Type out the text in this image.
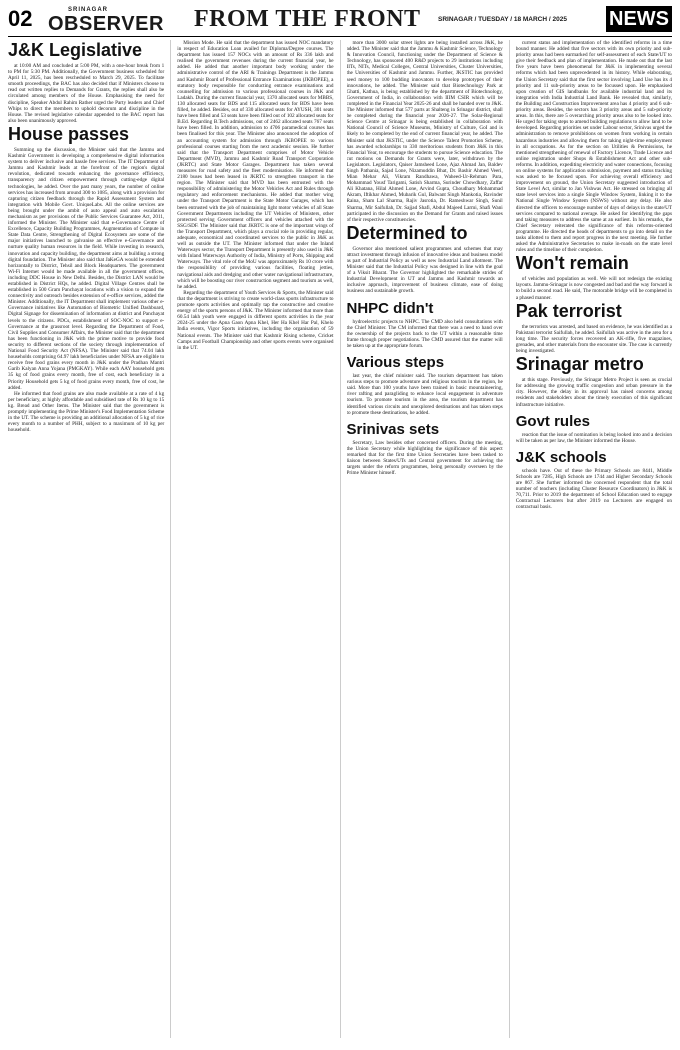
02	SRINAGAR
OBSERVER FROM THE FRONT	SRINAGAR / TUESDAY / 18 MARCH / 2025 NEWS
J&K Legislative

at 10:00 AM and concluded at 5:00 PM, with a one-hour break from 1 to PM for 5:30 PM. Additionally, the Government business scheduled for April 11, 2025, has been rescheduled to March 29, 2025. To facilitate smooth proceedings, the BAC has also decided that if Ministers choose to read out written replies to Demands for Grants, the replies shall also be circulated among members of the House. Emphasising the need for discipline, Speaker Abdul Rahim Rather urged the Party leaders and Chief Whips to direct the members to uphold decorum and discipline in the House. The revised legislative calendar appended to the BAC report has also been unanimously approved.

House passes

Summing up the discussion, the Minister said that the Jammu and Kashmir Government is developing a comprehensive digital information system to deliver inclusive and hassle free services. The IT Department of Jammu and Kashmir leads at the forefront of the region's digital revolution, dedicated towards enhancing the governance efficiency, transparency and citizen empowerment through cutting-edge digital technologies, he added. Over the past many years, the number of online services has increased from around 300 to 1085, along with a provision for capturing citizen feedback through the Rapid Assessment System and integration with Mobile Govt. UniqueLabs. All the online services are being brought under the ambit of auto appeal and auto escalation mechanism as per provisions of the Public Services Guarantee Act, 2011, informed the Minister. The Minister said that e-Governance Centre of Excellence, Capacity Building Programmes, Augmentation of Compute in State Data Centre, Strengthening of Digital Ecosystem are some of the major initiatives launched to galvanise an effective e-Governance and nurture quality human resources in the field. While investing in research, innovation and capacity building, the department aims at building a strong digital foundation. The Minister also said that JaKeGA would be extended horizontally to District, Tehsil and Block Headquarters. The government Wi-Fi Internet would be made available in all the government offices, including DDC House in New Delhi. Besides, the District LAN would be established in District HQs, he added. Digital Village Centres shall be established in 500 Gram Panchayat locations with a vision to expand the connectivity and outreach besides extension of e-office services, added the Minister. Additionally, the IT Department shall implement various other e-Governance initiatives like Automation of Biometric Unified Dashboard, Digital Signage for dissemination of information at district and Panchayat levels to the citizens. PDCs, establishment of SOC-NOC to support e-Governance at the grassroot level. Regarding the Department of Food, Civil Supplies and Consumer Affairs, the Minister said that the department has been functioning in J&K with the prime motive to provide food security to different sections of the society through implementation of National Food Security Act (NFSA). The Minister said that 74.04 lakh households comprising 64.97 lakh beneficiaries under NFSA are eligible to receive free food grains every month in J&K under the Pradhan Mantri Garib Kalyan Anna Yojana (PMGKAY). While each AAY household gets 35 kg of food grains every month, free of cost, each beneficiary in a Priority Household gets 5 kg of food grains every month, free of cost, he added.

He informed that food grains are also made available at a rate of 4 kg per beneficiary, at highly affordable and subsidised rate of Rs 10 kg to 15 kg. Bread and Other Items. The Minister said that the government is promptly implementing the Prime Minister's Food Implementation Scheme in the UT. The scheme is providing an additional allocation of 5 kg of rice every month to a number of PHH, subject to a maximum of 10 kg per household.

Mission Mode. He said that the department has issued NOC mandatory in respect of Education Loan availed for Diploma/Degree courses. The department has issued 157 NOCs with an amount of Rs 336 lakh and realised the government revenues during the current financial year, he added. He added that another important body working under the administrative control of the ARI & Trainings Department is the Jammu and Kashmir Board of Professional Entrance Examinations (JKBOPEE), a statutory body responsible for conducting entrance examinations and counselling for admission to various professional courses in J&K and Ladakh. During the current financial year, 1370 allocated seats for MBBS, 130 allocated seats for BDS and 115 allocated seats for BDS have been filled, he added. Besides, out of 330 allocated seats for AYUSH, 301 seats have been filled and 53 seats have been filled out of 102 allocated seats for B.Ed. Regarding B.Tech admissions, out of 2462 allocated seats 767 seats have been filled. In addition, admission to 4706 paramedical courses has been finalised for this year. The Minister also announced the adoption of an accounting system for admission through JKBOPEE to various professional courses starting from the next academic session. He further said that the Transport Department comprises of Motor Vehicle Department (MVD), Jammu and Kashmir Road Transport Corporation (JKRTC) and State Motor Garages. Department has taken several measures for road safety and the fleet modernisation. He informed that 2180 buses had been leased in JKRTC to strengthen transport in the region. The Minister said that MVD has been entrusted with the responsibility of administering the Motor Vehicles Act and Rules through regulatory and enforcement mechanisms. He added that mother wing under the Transport Department is the State Motor Garages, which has been entrusted with the job of maintaining light motor vehicles of all State Government Departments including the UT Vehicles of Ministers, other protected serving Government officers and vehicles attached with the SSG/SDF. The Minister said that JKRTC is one of the important wings of the Transport Department, which plays a crucial role in providing regular, adequate, economical and coordinated services to the public in J&K as well as outside the UT. The Minister informed that under the Inland Waterways sector, the Transport Department is presently also used in J&K with Inland Waterways Authority of India, Ministry of Ports, Shipping and Waterways. The vital role of the MoU was approximately Rs 10 crore with the responsibility of providing various facilities, floating jetties, navigational aids and dredging and other water navigational infrastructure, which will be boosting our river construction segment and tourism as well, he added.

Regarding the department of Youth Services & Sports, the Minister said that the department is striving to create world-class sports infrastructure to promote sports activities and optimally tap the constructive and creative energy of the sports persons of J&K. The Minister informed that more than 60.54 lakh youth were engaged in different sports activities in the year 2024-25 under the Apna Gaon Apna Khel, Her Ha Khel Har Pal, Khelo India events, Vigor Sports initiatives, including the organisation of 59 National events. The Minister said that Kashmir Rising scheme, Cricket Camps and Football Championship and other sports events were organised in the UT.

more than 3000 solar street lights are being installed across J&K, he added. The Minister said that the Jammu & Kashmir Science, Technology & Innovation Council, functioning under the Department of Science & Technology, has sponsored 400 R&D projects to 29 institutions including IITs, NITs, Medical Colleges, Central Universities, Cluster Universities, the Universities of Kashmir and Jammu. Further, JKSTIC has provided seed money to 100 budding innovators to develop prototypes of their innovations, he added. The Minister said that Biotechnology Park at Ghatti, Kathua, is being established by the department of Biotechnology, Government of India, in collaboration with IIIM CSIR which will be completed in the Financial Year 2025-26 and shall be handed over to J&K. The Minister informed that 577 parts at Shalteng in Srinagar district, shall be completed during the financial year 2026-27. The Solar-Regional Science Centre at Srinagar is being established in collaboration with National Council of Science Museums, Ministry of Culture, GoI and is likely to be completed by the end of current financial year, he added. The Minister said that JKSTIC, under the Science Talent Promotion Scheme, has awarded scholarships to 330 meritorious students from J&K in this Financial Year, to encourage the students to pursue Science education. The cut motions on Demands for Grants were, later, withdrawn by the Legislators. Legislators, Qaiser Jamsheed Lone, Ajaz Ahmad Jan, Baldev Singh Pathania, Sajad Lone, Nizamuddin Bhat, Dr. Bashir Ahmed Veeri, Mian Mehar Ali, Vikram Randhawa, Waheed-Ur-Rehman Para, Mohammad Yousf Tarigami, Satish Sharma, Surinder Chowdhary, Zaffar Ali Khatana, Hilal Ahmed Lone, Arvind Gupta, Choudhary Mohammad Akram, Iftikhar Ahmed, Mubarik Gul, Balwant Singh Mankotia, Ravinder Raina, Sham Lal Sharma, Rajiv Jasrotia, Dr. Rameshwar Singh, Sunil Sharma, Mir Saifullah, Dr. Sajjad Shafi, Abdul Majeed Larmi, Shafi Wani participated in the discussion on the Demand for Grants and raised issues of their respective constituencies.

Determined to

Governor also mentioned salient programmes and schemes that may attract investment through infusion of innovative ideas and business model as part of Industrial Policy as well as new Industrial Land allotment. The Minister said that the Industrial Policy was designed in line with the goal of a Viksit Bharat. The Governor highlighted the remarkable strides of Industrial Development in UT and Jammu and Kashmir towards an inclusive approach, improvement of business climate, ease of doing business and sustainable growth.

NHPC didn't

hydroelectric projects to NHPC. The CMD also held consultations with the Chief Minister. The CM informed that there was a need to hand over the ownership of the projects back to the UT within a reasonable time frame through proper negotiations. The CMD assured that the matter will be taken up at the appropriate forum.

Various steps

last year, the chief minister said. The tourism department has taken various steps to promote adventure and religious tourism in the region, he said. More than 100 youths have been trained in basic mountaineering, river rafting and paragliding to enhance local engagement in adventure tourism. To promote tourism in the area, the tourism department has identified various circuits and unexplored destinations and has taken steps to promote these destinations, he added.

Srinivas sets

Secretary, Law besides other concerned officers. During the meeting, the Union Secretary while highlighting the significance of this aspect remarked that for the first time Union Secretaries have been tasked to liaison between States/UTs and Central government for achieving the targets under the reform programmes, being personally overseen by the Prime Minister himself.

current status and implementation of the identified reforms in a time bound manner. He added that five sectors with its own priority and sub-priority areas had been earmarked for self-assessment of each State/UT to give their feedback and plan of implementation. He made out that the last five years have been phenomenal for J&K in implementing several reforms which had been unprecedented in its history. While elaborating, the Union Secretary said that the first sector involving Land Use has its 4 priority and 11 sub-priority areas to be focussed upon. He emphasised upon creation of GIS landbanks for available industrial land and its integration with India Industrial Land Bank. He revealed that, similarly, the Building and Construction Improvement area has 4 priority and 6 sub-priority areas. Besides, the sectors has 3 priority areas and 5 sub-priority areas. In this, there are 5 overarching priority areas also to be looked into. He urged for taking steps to amend building regulations to allow land to be developed. Regarding priorities set under Labour sector, Srinivas urged the administration to remove prohibitions on women from working in certain hazardous industries and allowing them for taking night-time employment in all occupations. As for the section on Utilities & Permissions, he mentioned strengthening of renewal of Factory Licence, Trade Licence and online registration under Shops & Establishment Act and other sub-reforms. In addition, expediting electricity and water connections, focusing on online systems for application submission, payment and status tracking was asked to be focused upon. For achieving overall efficiency and improvement on ground, the Union Secretary suggested introduction of State Level Act, similar to Jan Vishwas Act. He stressed on bringing all state level services into a single Single Window System, linking it to the National Single Window System (NSWS) without any delay. He also directed the officers to encourage number of days of delays in the state/UT services compared to national average. He asked for identifying the gaps and taking measures to address the same at an earliest. In his remarks, the Chief Secretary reiterated the significance of this reforms-oriented programme. He directed the heads of departments to go into detail on the tasks allotted to them and report progress in the next meeting. He further asked the Administrative Secretaries to make in-roads on the state level rules and the timeline of their completion.

Won't remain

of vehicles and population as well. We will not redesign the existing layouts. Jammu-Srinagar is now congested and bad and the way forward is to build a second road. He said, The motorable bridge will be completed in a phased manner.

Pak terrorist

the terrorists was arrested, and based on evidence, he was identified as a Pakistani terrorist Saifullah, he added. Saifullah was active in the area for a long time. The security forces recovered an AK-rifle, five magazines, grenades, and other materials from the encounter site. The case is currently being investigated.

Srinagar metro

at this stage. Previously, the Srinagar Metro Project is seen as crucial for addressing the growing traffic congestion and urban pressure in the city. However, the delay in its approval has raised concerns among residents and stakeholders about the timely execution of this significant infrastructure initiative.

Govt rules

reaction that the issue of nomination is being looked into and a decision will be taken as per law, the Minister informed the House.

J&K schools

schools have. Out of these the Primary Schools are 8441, Middle Schools are 7285, High Schools are 1744 and Higher Secondary Schools are 867. She further informed the concerned respondent that the total number of teachers (including Cluster Resource Coordinators) in J&K is 70,711. Prior to 2019 the department of School Education used to engage Contractual Lecturers but after 2019 no Lecturers are engaged on contractual basis.
